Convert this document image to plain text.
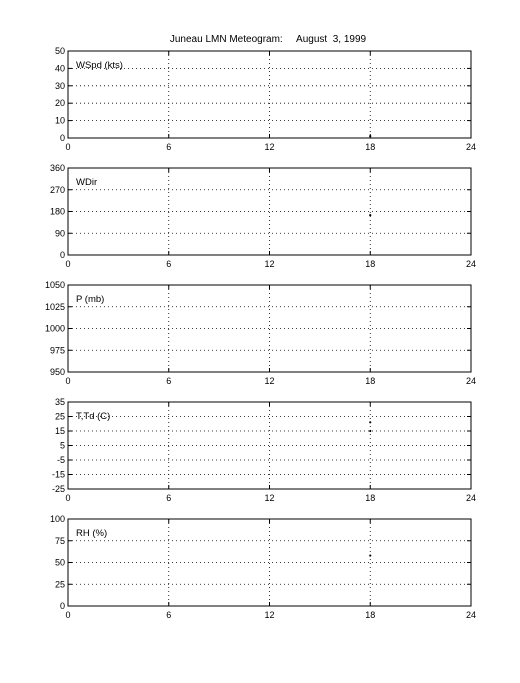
Juneau LMN Meteogram:     August  3, 1999
0	6	12	18	24
0
10
20
30
40
50
WSpd (kts)
0	6	12	18	24
0
90
180
270
360
WDir
0	6	12	18	24
950
975
1000
1025
1050
P (mb)
0	6	12	18	24
-25
-15
-5
5
15
25
35
T,Td (C)
0	6	12	18	24
0
25
50
75
100
RH (%)
